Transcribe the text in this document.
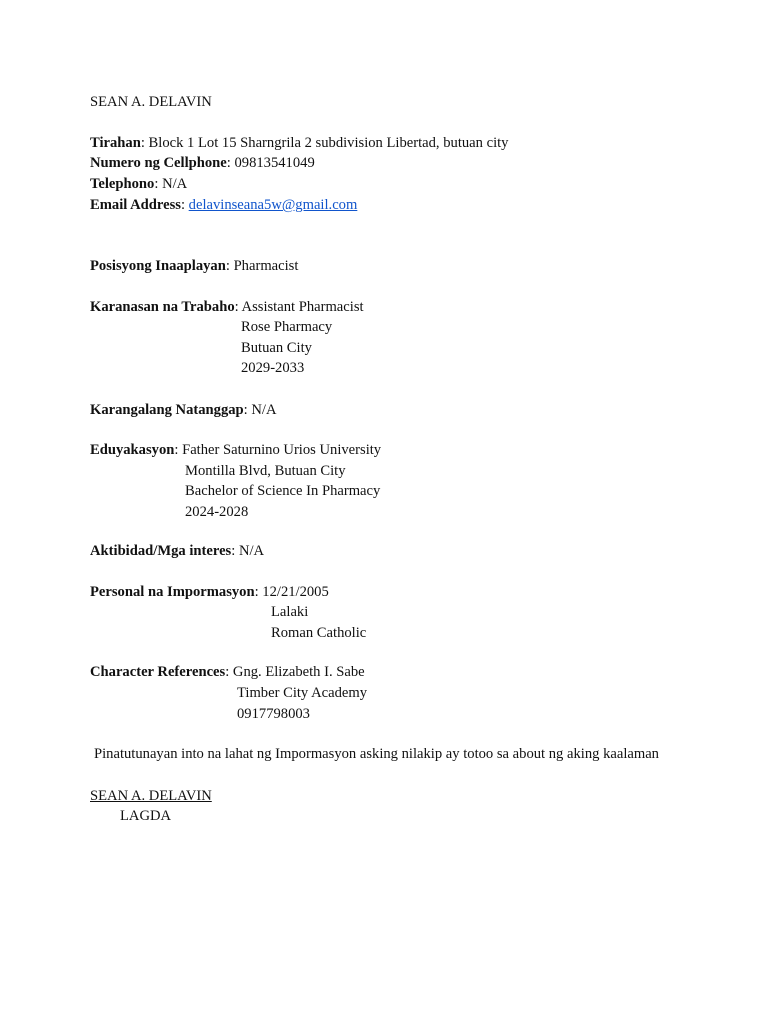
SEAN A. DELAVIN
Tirahan: Block 1 Lot 15 Sharngrila 2 subdivision Libertad, butuan city
Numero ng Cellphone: 09813541049
Telephono: N/A
Email Address: delavinseana5w@gmail.com
Posisyong Inaaplayan: Pharmacist
Karanasan na Trabaho: Assistant Pharmacist
Rose Pharmacy
Butuan City
2029-2033
Karangalang Natanggap: N/A
Eduyakasyon: Father Saturnino Urios University
Montilla Blvd, Butuan City
Bachelor of Science In Pharmacy
2024-2028
Aktibidad/Mga interes: N/A
Personal na Impormasyon: 12/21/2005
Lalaki
Roman Catholic
Character References: Gng. Elizabeth I. Sabe
Timber City Academy
0917798003
Pinatutunayan into na lahat ng Impormasyon asking nilakip ay totoo sa about ng aking kaalaman
SEAN A. DELAVIN
LAGDA
